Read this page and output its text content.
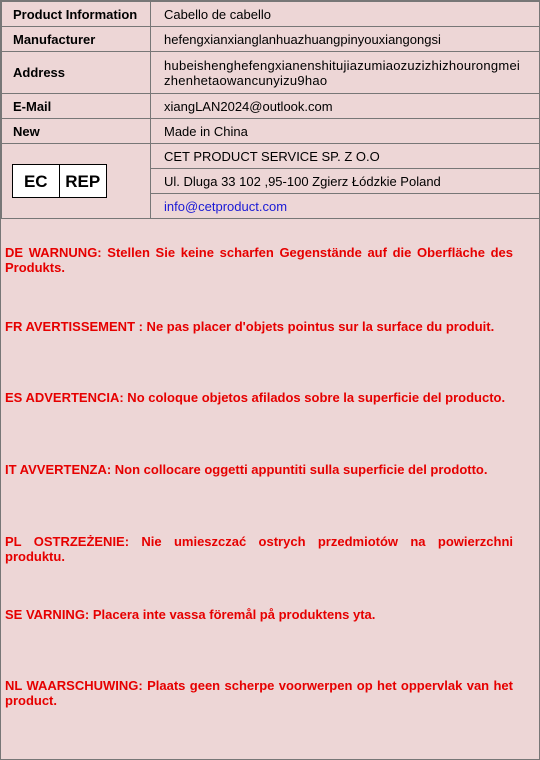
Product Information	Cabello de cabello
Manufacturer	hefengxianxianglanhuazhuangpinyouxiangongsi
Address	hubeishenghefengxianenshitujiazumiaozuzizhizhourongmei
zhenhetaowancunyizu9hao

E-Mail	xiangLAN2024@outlook.com
New	Made in China

EC REP	CET PRODUCT SERVICE SP. Z O.O
	Ul. Dluga 33 102 ,95-100 Zgierz Łódzkie Poland
	info@cetproduct.com
DE WARNUNG: Stellen Sie keine scharfen Gegenstände auf die Oberfläche des Produkts.
FR AVERTISSEMENT : Ne pas placer d'objets pointus sur la surface du produit.
ES ADVERTENCIA: No coloque objetos afilados sobre la superficie del producto.
IT AVVERTENZA: Non collocare oggetti appuntiti sulla superficie del prodotto.
PL OSTRZEŻENIE: Nie umieszczać ostrych przedmiotów na powierzchni produktu.
SE VARNING: Placera inte vassa föremål på produktens yta.
NL WAARSCHUWING: Plaats geen scherpe voorwerpen op het oppervlak van het product.
